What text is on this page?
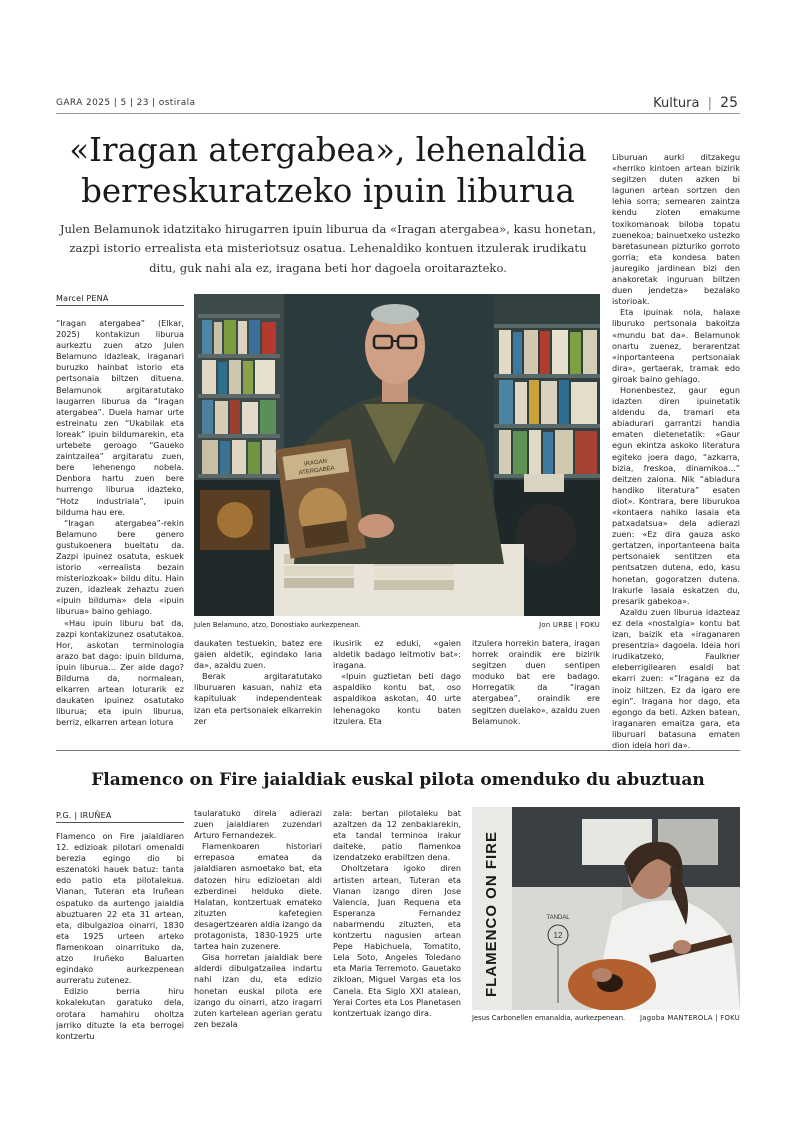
GARA 2025 | 5 | 23 | ostirala	Kultura | 25
«Iragan atergabea», lehenaldia
berreskuratzeko ipuin liburua
Julen Belamunok idatzitako hirugarren ipuin liburua da «Iragan atergabea», kasu honetan, zazpi istorio errealista eta misteriotsuz osatua. Lehenaldiko kontuen itzulerak irudikatu ditu, guk nahi ala ez, iragana beti hor dagoela oroitarazteko.
Marcel PENA

“Iragan atergabea” (Elkar, 2025) kontakizun liburua aurkeztu zuen atzo Julen Belamuno idazleak, iraganari buruzko hainbat istorio eta pertsonaia biltzen dituena. Belamunok argitaratutako laugarren liburua da “Iragan atergabea”. Duela hamar urte estreinatu zen “Ukabilak eta loreak” ipuin bildumarekin, eta urtebete geroago “Gaueko zaintzailea” argitaratu zuen, bere lehenengo nobela. Denbora hartu zuen bere hurrengo liburua idazteko, “Hotz industriala”, ipuin bilduma hau ere.

“Iragan atergabea”-rekin Belamuno bere genero gustukoenera bueltatu da. Zazpi ipuinez osatuta, eskuek istorio «errealista bezain misteriozkoak» bildu ditu. Hain zuzen, idazleak zehaztu zuen «ipuin bilduma» dela «ipuin liburua» baino gehiago.

«Hau ipuin liburu bat da, zazpi kontakizunez osatutakoa. Hor, askotan terminologia arazo bat dago: ipuin bilduma, ipuin liburua... Zer alde dago? Bilduma da, normalean, elkarren artean loturarik ez daukaten ipuinez osatutako liburua; eta ipuin liburua, berriz, elkarren artean lotura

IRAGAN
ATERGABEA
Julen Belamuno, atzo, Donostiako aurkezpenean.	Jon URBE | FOKU

daukaten testuekin, batez ere gaien aldetik, egindako lana da», azaldu zuen.

Berak argitaratutako liburuaren kasuan, nahiz eta kapituluak independenteak izan eta pertsonaiek elkarrekin zer

ikusirik ez eduki, «gaien aldetik badago leitmotiv bat»: iragana.

«Ipuin guztietan beti dago aspaldiko kontu bat, oso aspaldikoa askotan, 40 urte lehenagoko kontu baten itzulera. Eta

itzulera horrekin batera, iragan horrek oraindik ere bizirik segitzen duen sentipen moduko bat ere badago. Horregatik da “iragan atergabea”, oraindik ere segitzen duelako», azaldu zuen Belamunok.

Liburuan aurki ditzakegu «herriko kintoen artean bizirik segitzen duten azken bi lagunen artean sortzen den lehia sorra; semearen zaintza kendu zioten emakume toxikomanoak biloba topatu zuenekoa; bainuetxeko ustezko baretasunean pizturiko gorroto gorria; eta kondesa baten jauregiko jardinean bizi den anakoretak inguruan biltzen duen jendetza» bezalako istorioak.

Eta ipuinak nola, halaxe liburuko pertsonaia bakoitza «mundu bat da». Belamunok onartu zuenez, berarentzat «inportanteena pertsonaiak dira», gertaerak, tramak edo giroak baino gehiago.

Honenbestez, gaur egun idazten diren ipuinetatik aldendu da, tramari eta abiadurari garrantzi handia ematen dietenetatik: «Gaur egun ekintza askoko literatura egiteko joera dago, “azkarra, bizia, freskoa, dinamikoa...” deitzen zaiona. Nik “abiadura handiko literatura” esaten diot». Kontrara, bere liburukoa «kontaera nahiko lasaia eta patxadatsua» dela adierazi zuen: «Ez dira gauza asko gertatzen, inportanteena baita pertsonaiek sentitzen eta pentsatzen dutena, edo, kasu honetan, gogoratzen dutena. Irakurle lasaia eskatzen du, presarik gabekoa».

Azaldu zuen liburua idazteaz ez dela «nostalgia» kontu bat izan, baizik eta «iraganaren presentzia» dagoela. Ideia hori irudikatzeko, Faulkner eleberrigilearen esaldi bat ekarri zuen: «“Iragana ez da inoiz hiltzen. Ez da igaro ere egin”. Iragana hor dago, eta egongo da beti. Azken batean, iraganaren emaitza gara, eta liburuari batasuna ematen dion ideia hori da».

Flamenco on Fire jaialdiak euskal pilota omenduko du abuztuan
P.G. | IRUÑEA

Flamenco on Fire jaialdiaren 12. edizioak pilotari omenaldi berezia egingo dio bi eszenatoki hauek batuz: tanta edo patio eta pilotalekua. Vianan, Tuteran eta Iruñean ospatuko da aurtengo jaialdia abuztuaren 22 eta 31 artean, eta, dibulgazioa oinarri, 1830 eta 1925 urteen arteko flamenkoan oinarrituko da, atzo Iruñeko Baluarten egindako aurkezpenean aurreratu zutenez.

Edizio berria hiru kokalekutan garatuko dela, orotara hamahiru oholtza jarriko dituzte la eta berrogei kontzertu

taularatuko direla adierazi zuen jaialdiaren zuzendari Arturo Fernandezek.

Flamenkoaren historiari errepasoa ematea da jaialdiaren asmoetako bat, eta datozen hiru edizioetan aldi ezberdinei helduko diete. Halatan, kontzertuak emateko zituzten kafetegien desagertzearen aldia izango da protagonista, 1830-1925 urte tartea hain zuzenere.

Gisa horretan jaialdiak bere alderdi dibulgatzailea indartu nahi izan du, eta edizio honetan euskal pilota ere izango du oinarri, atzo iragarri zuten kartelean agerian geratu zen bezala

zala: bertan pilotaleku bat azaltzen da 12 zenbakiarekin, eta tandal terminoa irakur daiteke, patio flamenkoa izendatzeko erabiltzen dena.

Oholtzetara igoko diren artisten artean, Tuteran eta Vianan izango diren Jose Valencia, Juan Requena eta Esperanza Fernandez nabarmendu zituzten, eta kontzertu nagusien artean Pepe Habichuela, Tomatito, Lela Soto, Angeles Toledano eta Maria Terremoto. Gauetako zikloan, Miguel Vargas eta los Canela. Eta Siglo XXI atalean, Yerai Cortes eta Los Planetasen kontzertuak izango dira.

FLAMENCO ON FIRE	TANDAL
12
Jesus Carbonellen emanaldia, aurkezpenean. Jagoba MANTEROLA | FOKU
